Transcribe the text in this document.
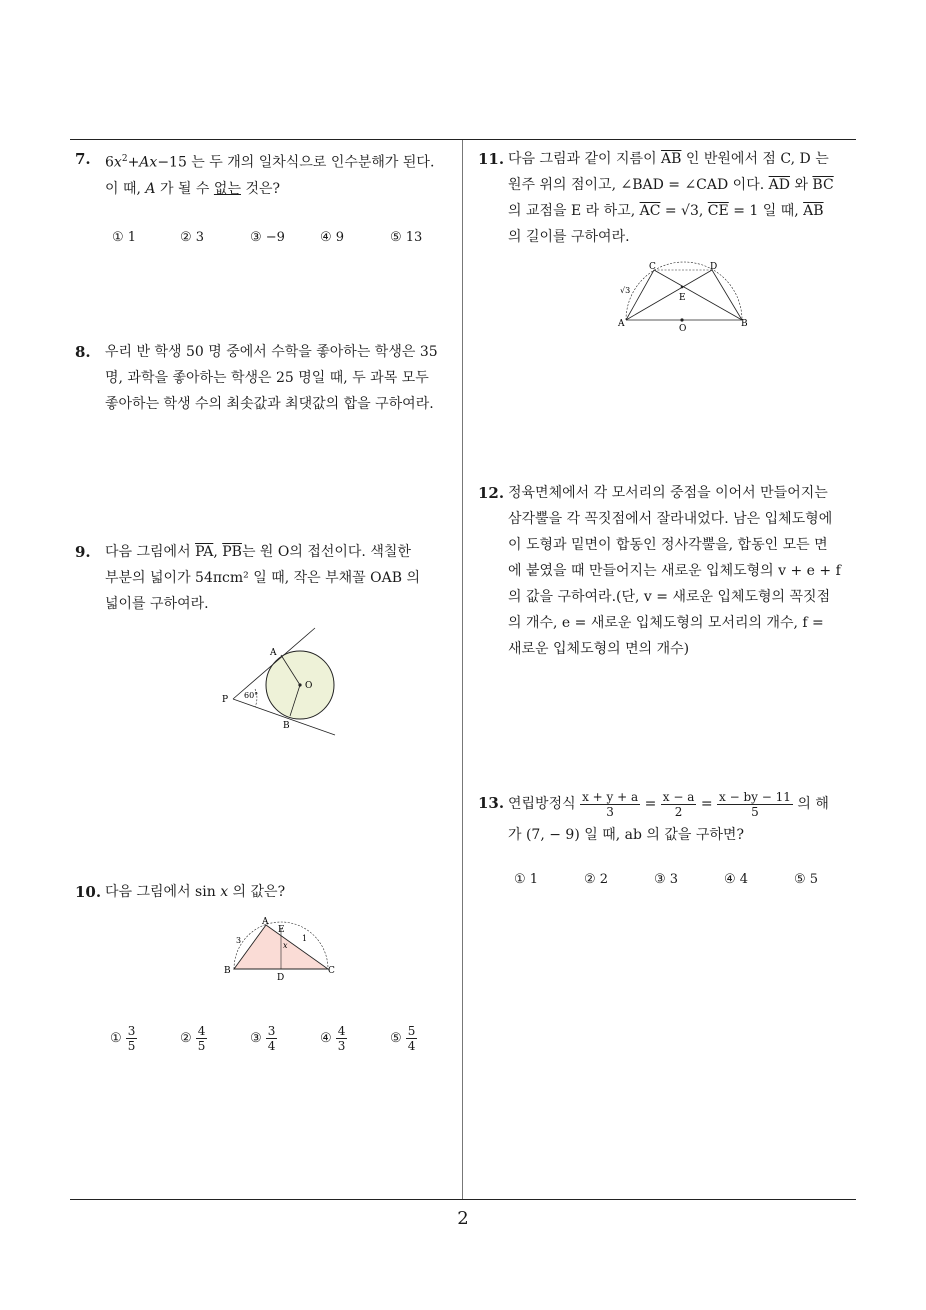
7. $6x^2+Ax-15$ 는 두 개의 일차식으로 인수분해가 된다.
이 때, A 가 될 수 없는 것은?
① 1	② 3	③ −9	④ 9	⑤ 13
8. 우리 반 학생 50 명 중에서 수학을 좋아하는 학생은 35
명, 과학을 좋아하는 학생은 25 명일 때, 두 과목 모두
좋아하는 학생 수의 최솟값과 최댓값의 합을 구하여라.
9. 다음 그림에서 $\overline{PA}$, $\overline{PB}$는 원 O의 접선이다. 색칠한
부분의 넓이가 54πcm² 일 때, 작은 부채꼴 OAB 의
넓이를 구하여라.
A
B
O
P 60°
10. 다음 그림에서 sin x 의 값은?
A
B	C
D
E
x
3	1
① $\frac{3}{5}$	② $\frac{4}{5}$	③ $\frac{3}{4}$	④ $\frac{4}{3}$	⑤ $\frac{5}{4}$
11. 다음 그림과 같이 지름이 $\overline{AB}$ 인 반원에서 점 C, D 는
원주 위의 점이고, ∠BAD = ∠CAD 이다. $\overline{AD}$ 와 $\overline{BC}$
의 교점을 E 라 하고, $\overline{AC} = √3$, $\overline{CE} = 1$ 일 때, $\overline{AB}$
의 길이를 구하여라.
A	B
C	D
E
O
√3
12. 정육면체에서 각 모서리의 중점을 이어서 만들어지는
삼각뿔을 각 꼭짓점에서 잘라내었다. 남은 입체도형에
이 도형과 밑면이 합동인 정사각뿔을, 합동인 모든 면
에 붙였을 때 만들어지는 새로운 입체도형의 v + e + f
의 값을 구하여라.(단, v = 새로운 입체도형의 꼭짓점
의 개수, e = 새로운 입체도형의 모서리의 개수, f =
새로운 입체도형의 면의 개수)
13. 연립방정식 $\frac{x + y + a}{3} = \frac{x - a}{2} = \frac{x - by - 11}{5}$ 의 해
가 (7, − 9) 일 때, ab 의 값을 구하면?
① 1	② 2	③ 3	④ 4	⑤ 5
2
